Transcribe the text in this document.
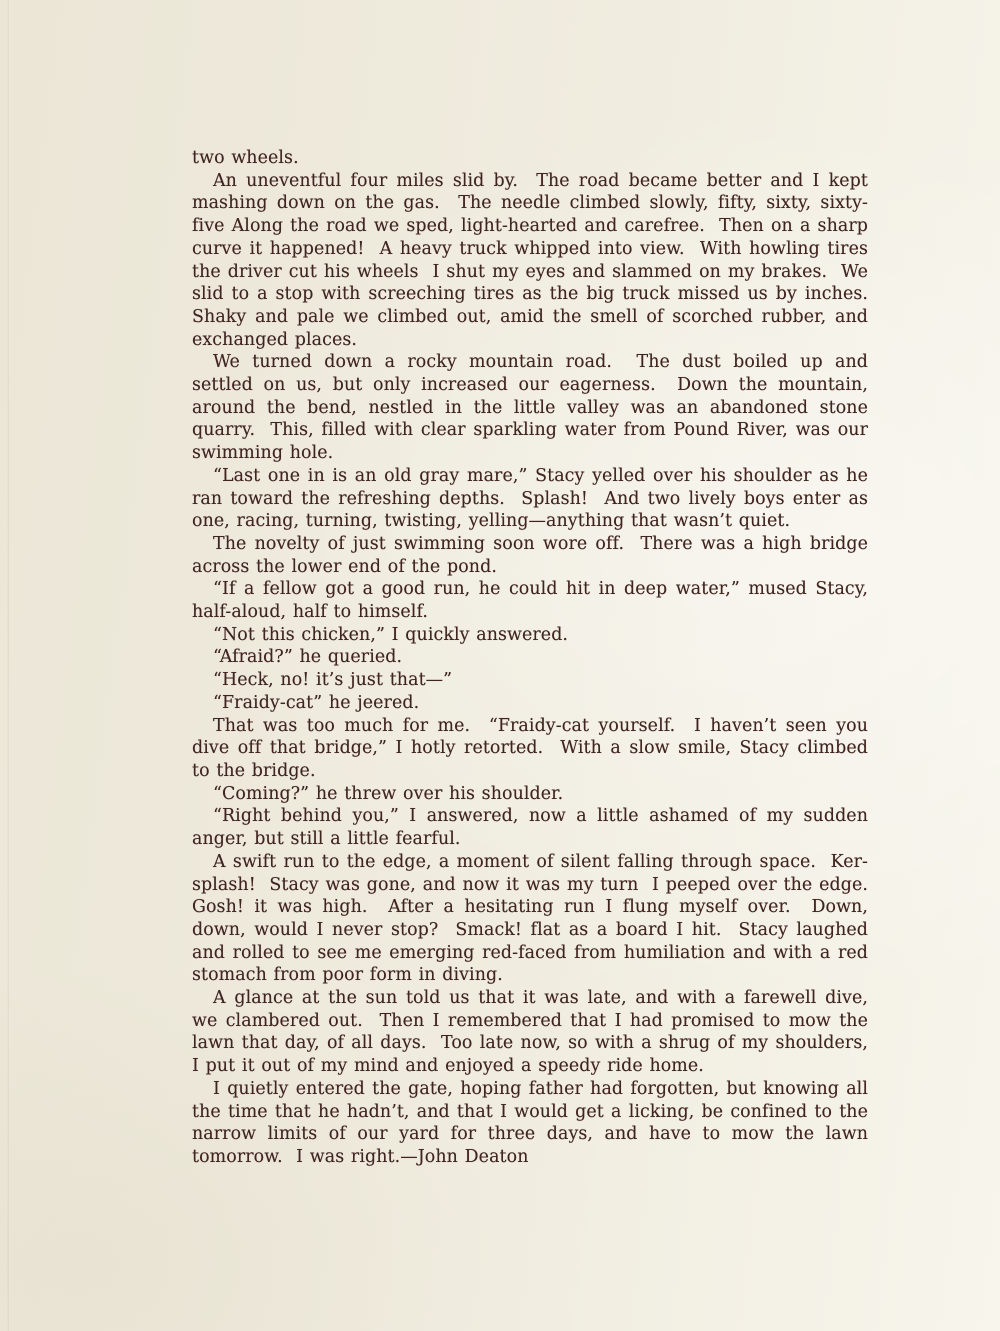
two wheels.

An uneventful four miles slid by.  The road became better and I kept mashing down on the gas.  The needle climbed slowly, fifty, sixty, sixty-five Along the road we sped, light-hearted and carefree.  Then on a sharp curve it happened!  A heavy truck whipped into view.  With howling tires the driver cut his wheels  I shut my eyes and slammed on my brakes.  We slid to a stop with screeching tires as the big truck missed us by inches.  Shaky and pale we climbed out, amid the smell of scorched rubber, and exchanged places.

We turned down a rocky mountain road.  The dust boiled up and settled on us, but only increased our eagerness.  Down the mountain, around the bend, nestled in the little valley was an abandoned stone quarry.  This, filled with clear sparkling water from Pound River, was our swimming hole.

“Last one in is an old gray mare,” Stacy yelled over his shoulder as he ran toward the refreshing depths.  Splash!  And two lively boys enter as one, racing, turning, twisting, yelling—anything that wasn’t quiet.

The novelty of just swimming soon wore off.  There was a high bridge across the lower end of the pond.

“If a fellow got a good run, he could hit in deep water,” mused Stacy, half-aloud, half to himself.

“Not this chicken,” I quickly answered.

“Afraid?” he queried.

“Heck, no! it’s just that—”

“Fraidy-cat” he jeered.

That was too much for me.  “Fraidy-cat yourself.  I haven’t seen you dive off that bridge,” I hotly retorted.  With a slow smile, Stacy climbed to the bridge.

“Coming?” he threw over his shoulder.

“Right behind you,” I answered, now a little ashamed of my sudden anger, but still a little fearful.

A swift run to the edge, a moment of silent falling through space.  Ker-splash!  Stacy was gone, and now it was my turn  I peeped over the edge.  Gosh! it was high.  After a hesitating run I flung myself over.  Down, down, would I never stop?  Smack! flat as a board I hit.  Stacy laughed and rolled to see me emerging red-faced from humiliation and with a red stomach from poor form in diving.

A glance at the sun told us that it was late, and with a farewell dive, we clambered out.  Then I remembered that I had promised to mow the lawn that day, of all days.  Too late now, so with a shrug of my shoulders, I put it out of my mind and enjoyed a speedy ride home.

I quietly entered the gate, hoping father had forgotten, but knowing all the time that he hadn’t, and that I would get a licking, be confined to the narrow limits of our yard for three days, and have to mow the lawn tomorrow.  I was right.—John Deaton
